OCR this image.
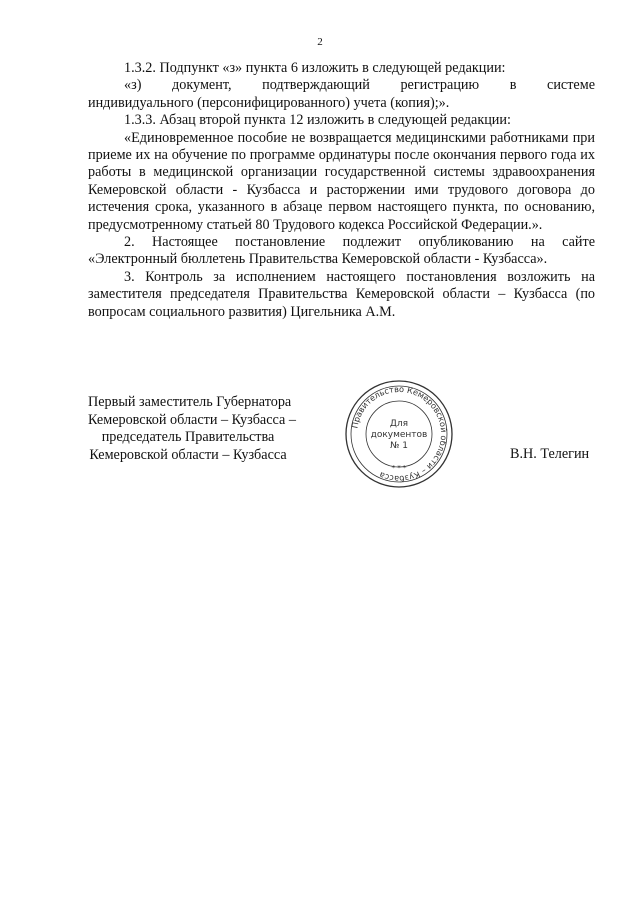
2

1.3.2. Подпункт «з» пункта 6 изложить в следующей редакции:

«з) документ, подтверждающий регистрацию в системе

индивидуального (персонифицированного) учета (копия);».

1.3.3. Абзац второй пункта 12 изложить в следующей редакции:

«Единовременное пособие не возвращается медицинскими работниками при приеме их на обучение по программе ординатуры после окончания первого года их работы в медицинской организации государственной системы здравоохранения Кемеровской области - Кузбасса и расторжении ими трудового договора до истечения срока, указанного в абзаце первом настоящего пункта, по основанию, предусмотренному статьей 80 Трудового кодекса Российской Федерации.».

2. Настоящее постановление подлежит опубликованию на сайте «Электронный бюллетень Правительства Кемеровской области - Кузбасса».

3. Контроль за исполнением настоящего постановления возложить на заместителя председателя Правительства Кемеровской области – Кузбасса (по вопросам социального развития) Цигельника А.М.

Первый заместитель Губернатора
Кемеровской области – Кузбасса –
председатель Правительства
Кемеровской области – Кузбасса	В.Н. Телегин
Правительство Кемеровской области – Кузбасса
* * *
Для
документов
№ 1
